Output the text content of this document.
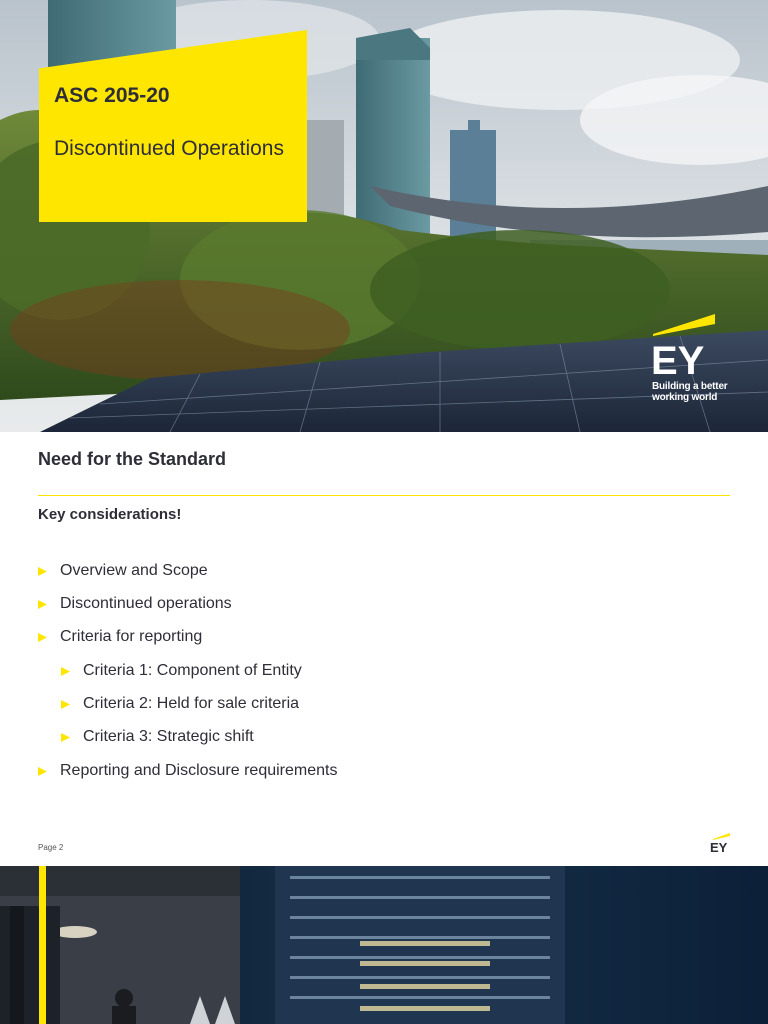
ASC 205-20
Discontinued Operations
EY
Building a better
working world
Need for the Standard
Key considerations!
Overview and Scope
Discontinued operations
Criteria for reporting
Criteria 1: Component of Entity
Criteria 2: Held for sale criteria
Criteria 3: Strategic shift
Reporting and Disclosure requirements
Page 2	EY
